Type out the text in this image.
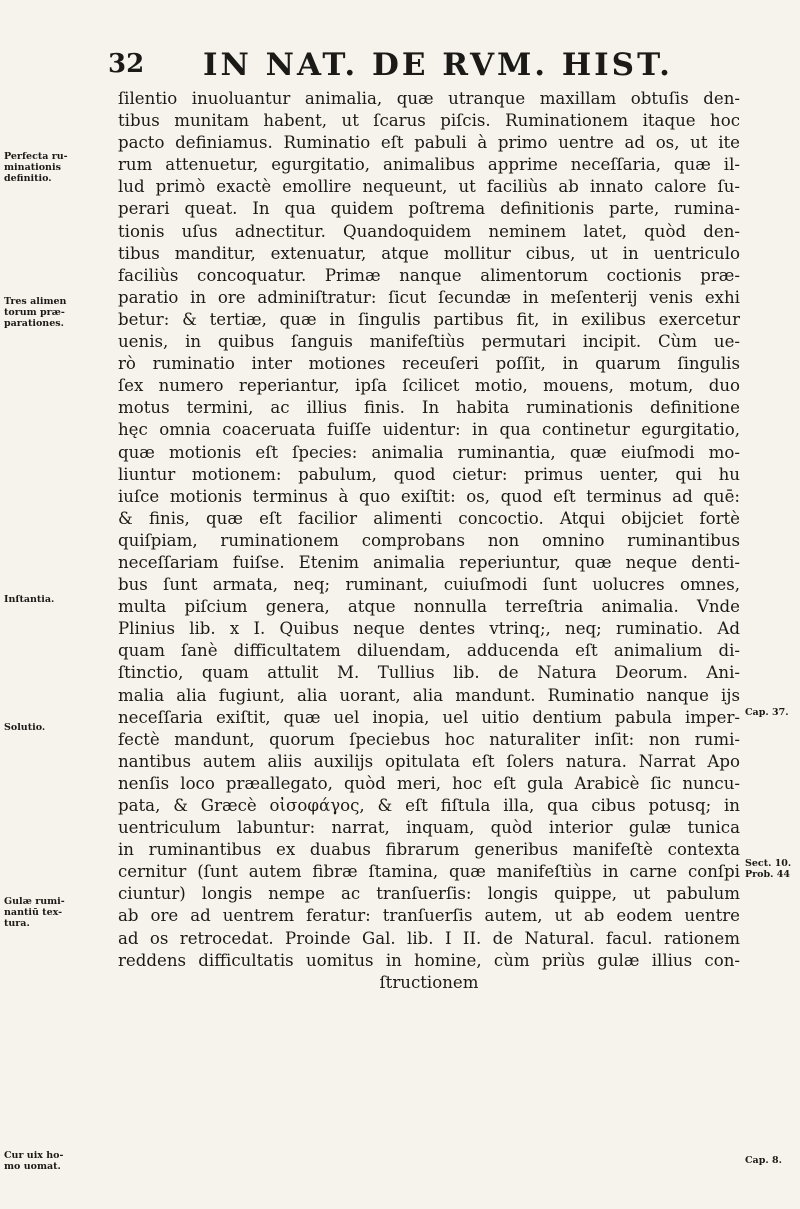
32 IN NAT. DE RVM. HIST.
ſilentio inuoluantur animalia, quæ utranque maxillam obtuſis den-
tibus munitam habent, ut ſcarus piſcis. Ruminationem itaque hoc
pacto definiamus. Ruminatio eſt pabuli à primo uentre ad os, ut ite
rum attenuetur, egurgitatio, animalibus apprime neceſſaria, quæ il-
lud primò exactè emollire nequeunt, ut faciliùs ab innato calore ſu-
perari queat. In qua quidem poſtrema definitionis parte, rumina-
tionis uſus adnectitur. Quandoquidem neminem latet, quòd den-
tibus manditur, extenuatur, atque mollitur cibus, ut in uentriculo
faciliùs concoquatur. Primæ nanque alimentorum coctionis præ-
paratio in ore adminiſtratur: ſicut ſecundæ in meſenterij venis exhi
betur: & tertiæ, quæ in ſingulis partibus fit, in exilibus exercetur
uenis, in quibus ſanguis manifeſtiùs permutari incipit. Cùm ue-
rò ruminatio inter motiones receuſeri poſſit, in quarum ſingulis
ſex numero reperiantur, ipſa ſcilicet motio, mouens, motum, duo
motus termini, ac illius finis. In habita ruminationis definitione
hęc omnia coaceruata fuiſſe uidentur: in qua continetur egurgitatio,
quæ motionis eſt ſpecies: animalia ruminantia, quæ eiuſmodi mo-
liuntur motionem: pabulum, quod cietur: primus uenter, qui hu
iuſce motionis terminus à quo exiſtit: os, quod eſt terminus ad quē:
& finis, quæ eſt facilior alimenti concoctio. Atqui obijciet fortè
quiſpiam, ruminationem comprobans non omnino ruminantibus
neceſſariam fuiſse. Etenim animalia reperiuntur, quæ neque denti-
bus ſunt armata, neq; ruminant, cuiuſmodi ſunt uolucres omnes,
multa piſcium genera, atque nonnulla terreſtria animalia. Vnde
Plinius lib. x I. Quibus neque dentes vtrinq;, neq; ruminatio. Ad
quam ſanè difficultatem diluendam, adducenda eſt animalium di-
ſtinctio, quam attulit M. Tullius lib. de Natura Deorum. Ani-
malia alia fugiunt, alia uorant, alia mandunt. Ruminatio nanque ijs
neceſſaria exiſtit, quæ uel inopia, uel uitio dentium pabula imper-
fectè mandunt, quorum ſpeciebus hoc naturaliter inſit: non rumi-
nantibus autem aliis auxilijs opitulata eſt ſolers natura. Narrat Apo
nenſis loco præallegato, quòd meri, hoc eſt gula Arabicè ſic nuncu-
pata, & Græcè οἰσοφάγος, & eſt fiſtula illa, qua cibus potusq; in
uentriculum labuntur: narrat, inquam, quòd interior gulæ tunica
in ruminantibus ex duabus fibrarum generibus manifeſtè contexta
cernitur (ſunt autem fibræ ſtamina, quæ manifeſtiùs in carne conſpi
ciuntur) longis nempe ac tranſuerſis: longis quippe, ut pabulum
ab ore ad uentrem feratur: tranſuerſis autem, ut ab eodem uentre
ad os retrocedat. Proinde Gal. lib. I II. de Natural. facul. rationem
reddens difficultatis uomitus in homine, cùm priùs gulæ illius con-
ſtructionem
Perfecta ru-
minationis
definitio.
Tres alimen
torum præ-
parationes.
Inſtantia.
Solutio.
Gulæ rumi-
nantiū tex-
tura.
Cur uix ho-
mo uomat.
Cap. 37.
Sect. 10.
Prob. 44
Cap. 8.
